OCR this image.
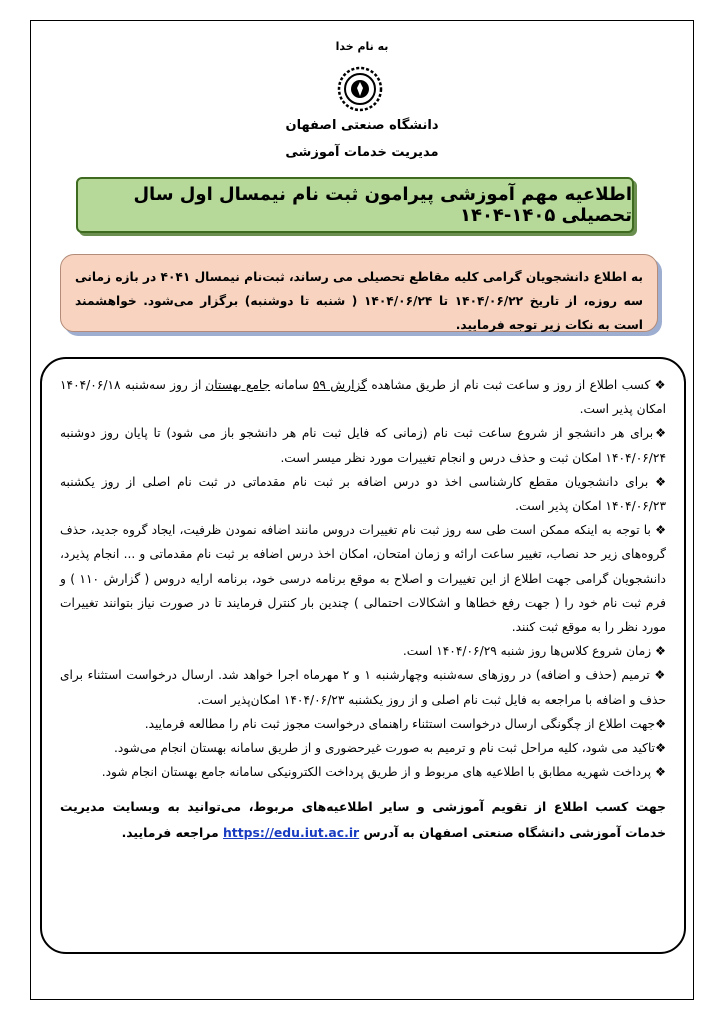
به نام خدا
دانشگاه صنعتی اصفهان
مدیریت خدمات آموزشی
اطلاعیه مهم آموزشی پیرامون ثبت نام نیمسال اول سال تحصیلی ۱۴۰۵-۱۴۰۴

به اطلاع دانشجویان گرامی کلیه مقاطع تحصیلی می رساند، ثبت‌نام نیمسال ۴۰۴۱ در بازه زمانی سه روزه، از تاریخ ۱۴۰۴/۰۶/۲۲ تا ۱۴۰۴/۰۶/۲۴ ( شنبه تا دوشنبه) برگزار می‌شود. خواهشمند است به نکات زیر توجه فرمایید.

❖ کسب اطلاع از روز و ساعت ثبت نام از طریق مشاهده گزارش ۵۹ سامانه جامع بهستان از روز سه‌شنبه ۱۴۰۴/۰۶/۱۸ امکان پذیر است.

❖برای هر دانشجو از شروع ساعت ثبت نام (زمانی که فایل ثبت نام هر دانشجو باز می شود) تا پایان روز دوشنبه ۱۴۰۴/۰۶/۲۴ امکان ثبت و حذف درس و انجام تغییرات مورد نظر میسر است.

❖ برای دانشجویان مقطع کارشناسی اخذ دو درس اضافه بر ثبت نام مقدماتی در ثبت نام اصلی از روز یکشنبه ۱۴۰۴/۰۶/۲۳ امکان پذیر است.

❖ با توجه به اینکه ممکن است طی سه روز ثبت نام تغییرات دروس مانند اضافه نمودن ظرفیت، ایجاد گروه جدید، حذف گروه‌های زیر حد نصاب، تغییر ساعت ارائه و زمان امتحان، امکان اخذ درس اضافه بر ثبت نام مقدماتی و ... انجام پذیرد، دانشجویان گرامی جهت اطلاع از این تغییرات و اصلاح به موقع برنامه درسی خود، برنامه ارایه دروس ( گزارش ۱۱۰ ) و فرم ثبت نام خود را ( جهت رفع خطاها و اشکالات احتمالی ) چندین بار کنترل فرمایند تا در صورت نیاز بتوانند تغییرات مورد نظر را به موقع ثبت کنند.

❖ زمان شروع کلاس‌ها روز شنبه ۱۴۰۴/۰۶/۲۹ است.

❖ ترمیم (حذف و اضافه) در روزهای سه‌شنبه وچهارشنبه ۱ و ۲ مهرماه اجرا خواهد شد. ارسال درخواست استثناء برای حذف و اضافه با مراجعه به فایل ثبت نام اصلی و از روز یکشنبه ۱۴۰۴/۰۶/۲۳ امکان‌پذیر است.

❖جهت اطلاع از چگونگی ارسال درخواست استثناء راهنمای درخواست مجوز ثبت نام را مطالعه فرمایید.

❖تاکید می شود، کلیه مراحل ثبت نام و ترمیم به صورت غیرحضوری و از طریق سامانه بهستان انجام می‌شود.

❖ پرداخت شهریه مطابق با اطلاعیه های مربوط و از طریق پرداخت الکترونیکی سامانه جامع بهستان انجام شود.

جهت کسب اطلاع از تقویم آموزشی و سایر اطلاعیه‌های مربوط، می‌توانید به وبسایت مدیریت خدمات آموزشی دانشگاه صنعتی اصفهان به آدرس https://edu.iut.ac.ir مراجعه فرمایید.
